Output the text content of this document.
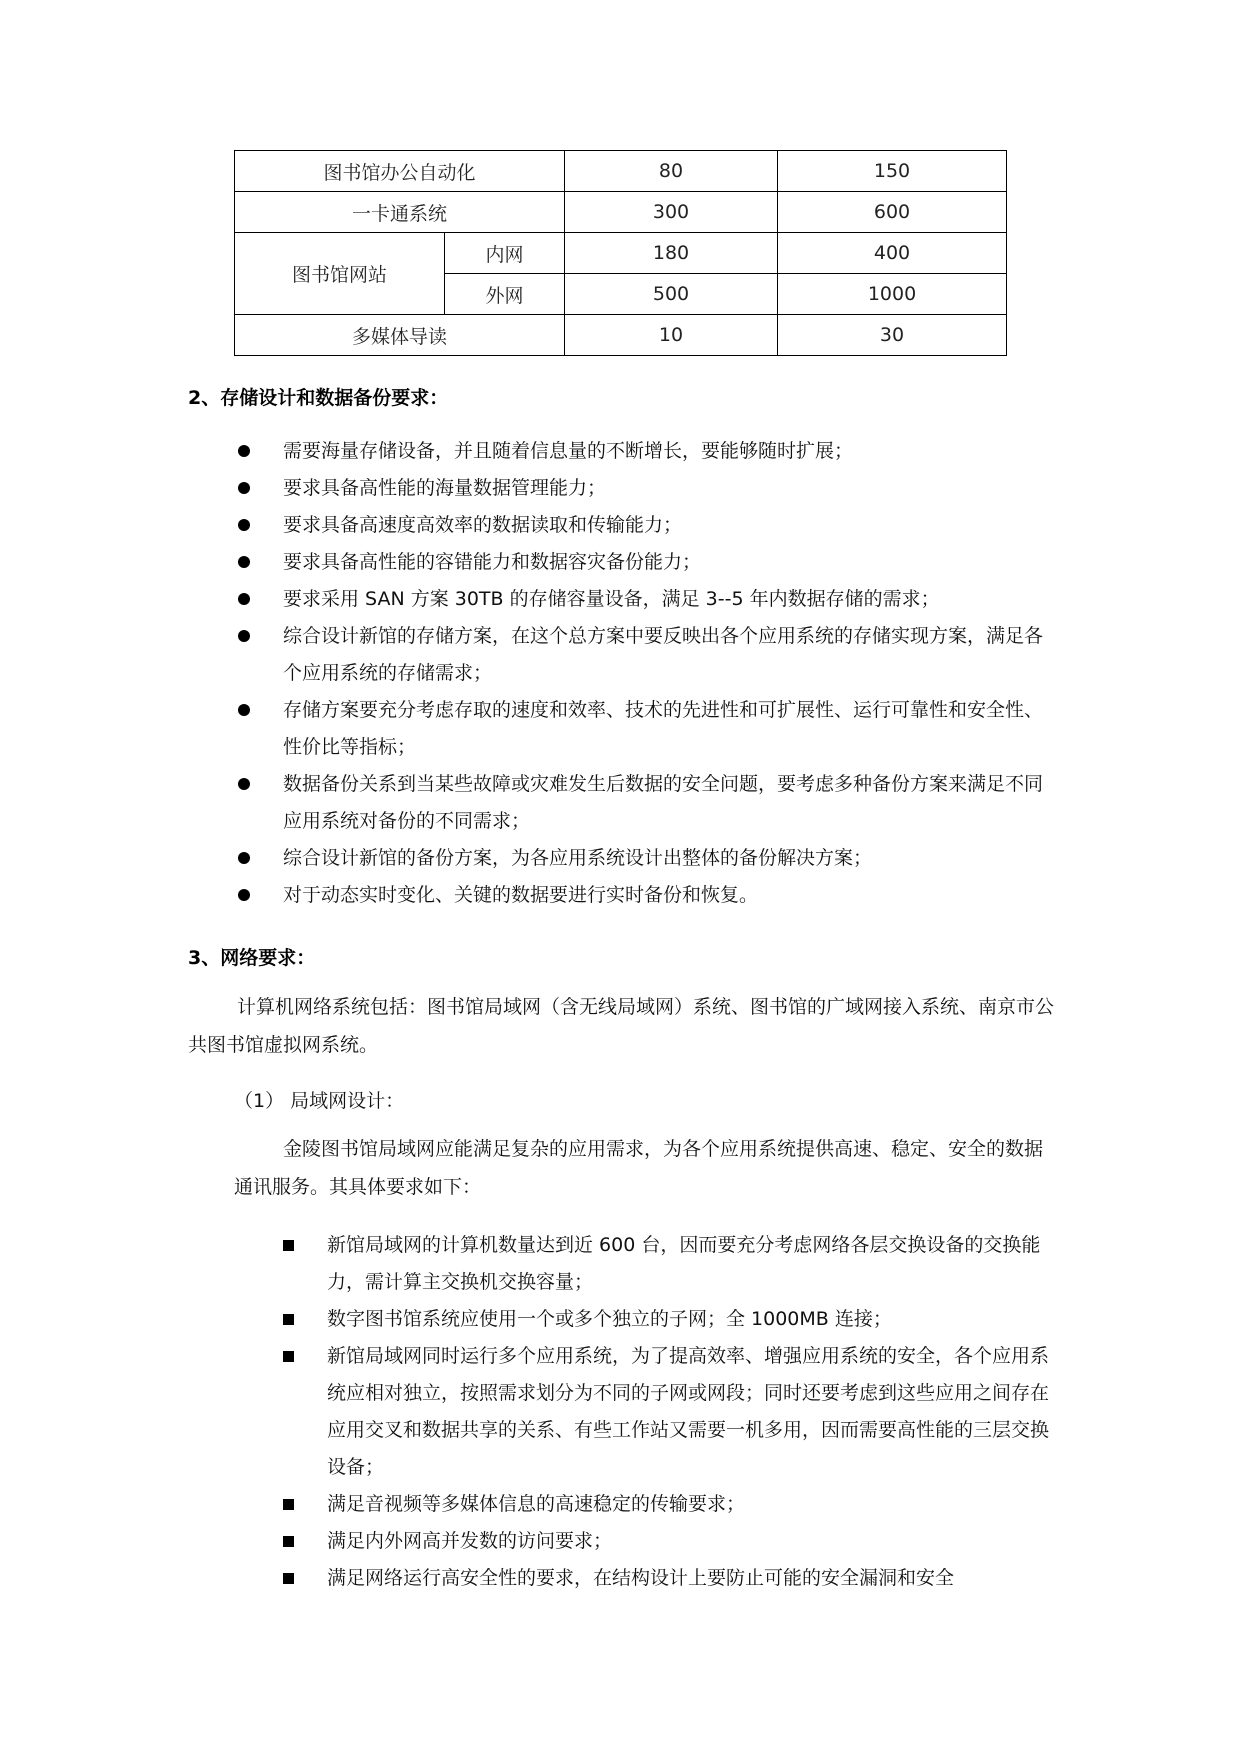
图书馆办公自动化		80	150
一卡通系统		300	600
图书馆网站	内网	180	400
	外网	500	1000
多媒体导读		10	30
2、存储设计和数据备份要求：
需要海量存储设备，并且随着信息量的不断增长，要能够随时扩展；
要求具备高性能的海量数据管理能力；
要求具备高速度高效率的数据读取和传输能力；
要求具备高性能的容错能力和数据容灾备份能力；
要求采用 SAN 方案 30TB 的存储容量设备，满足 3--5 年内数据存储的需求；
综合设计新馆的存储方案，在这个总方案中要反映出各个应用系统的存储实现方案，满足各个应用系统的存储需求；
存储方案要充分考虑存取的速度和效率、技术的先进性和可扩展性、运行可靠性和安全性、性价比等指标；
数据备份关系到当某些故障或灾难发生后数据的安全问题，要考虑多种备份方案来满足不同应用系统对备份的不同需求；
综合设计新馆的备份方案，为各应用系统设计出整体的备份解决方案；
对于动态实时变化、关键的数据要进行实时备份和恢复。
3、网络要求：
计算机网络系统包括：图书馆局域网（含无线局域网）系统、图书馆的广域网接入系统、南京市公共图书馆虚拟网系统。
（1） 局域网设计：
金陵图书馆局域网应能满足复杂的应用需求，为各个应用系统提供高速、稳定、安全的数据通讯服务。其具体要求如下：
新馆局域网的计算机数量达到近 600 台，因而要充分考虑网络各层交换设备的交换能力，需计算主交换机交换容量；
数字图书馆系统应使用一个或多个独立的子网；全 1000MB 连接；
新馆局域网同时运行多个应用系统，为了提高效率、增强应用系统的安全，各个应用系统应相对独立，按照需求划分为不同的子网或网段；同时还要考虑到这些应用之间存在应用交叉和数据共享的关系、有些工作站又需要一机多用，因而需要高性能的三层交换设备；
满足音视频等多媒体信息的高速稳定的传输要求；
满足内外网高并发数的访问要求；
满足网络运行高安全性的要求，在结构设计上要防止可能的安全漏洞和安全
